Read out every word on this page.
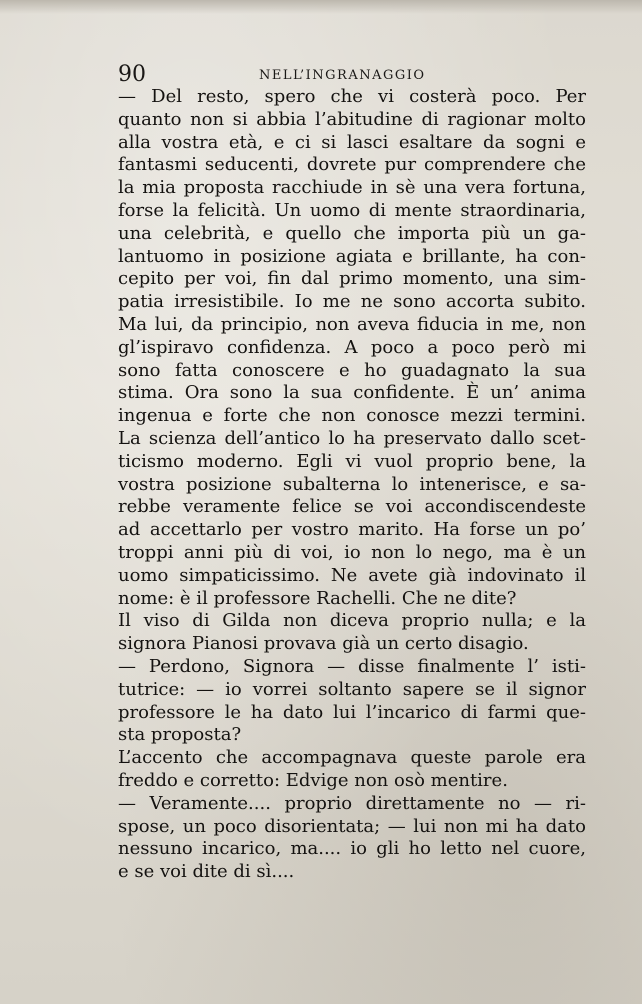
90	NELL’INGRANAGGIO
— Del resto, spero che vi costerà poco. Per
quanto non si abbia l’abitudine di ragionar molto
alla vostra età, e ci si lasci esaltare da sogni e
fantasmi seducenti, dovrete pur comprendere che
la mia proposta racchiude in sè una vera fortuna,
forse la felicità. Un uomo di mente straordinaria,
una celebrità, e quello che importa più un ga-
lantuomo in posizione agiata e brillante, ha con-
cepito per voi, fin dal primo momento, una sim-
patia irresistibile. Io me ne sono accorta subito.
Ma lui, da principio, non aveva fiducia in me, non
gl’ispiravo confidenza. A poco a poco però mi
sono fatta conoscere e ho guadagnato la sua
stima. Ora sono la sua confidente. È un’ anima
ingenua e forte che non conosce mezzi termini.
La scienza dell’antico lo ha preservato dallo scet-
ticismo moderno. Egli vi vuol proprio bene, la
vostra posizione subalterna lo intenerisce, e sa-
rebbe veramente felice se voi accondiscendeste
ad accettarlo per vostro marito. Ha forse un po’
troppi anni più di voi, io non lo nego, ma è un
uomo simpaticissimo. Ne avete già indovinato il
nome: è il professore Rachelli. Che ne dite?
Il viso di Gilda non diceva proprio nulla; e la
signora Pianosi provava già un certo disagio.
— Perdono, Signora — disse finalmente l’ isti-
tutrice: — io vorrei soltanto sapere se il signor
professore le ha dato lui l’incarico di farmi que-
sta proposta?
L’accento che accompagnava queste parole era
freddo e corretto: Edvige non osò mentire.
— Veramente.... proprio direttamente no — ri-
spose, un poco disorientata; — lui non mi ha dato
nessuno incarico, ma.... io gli ho letto nel cuore,
e se voi dite di sì....
